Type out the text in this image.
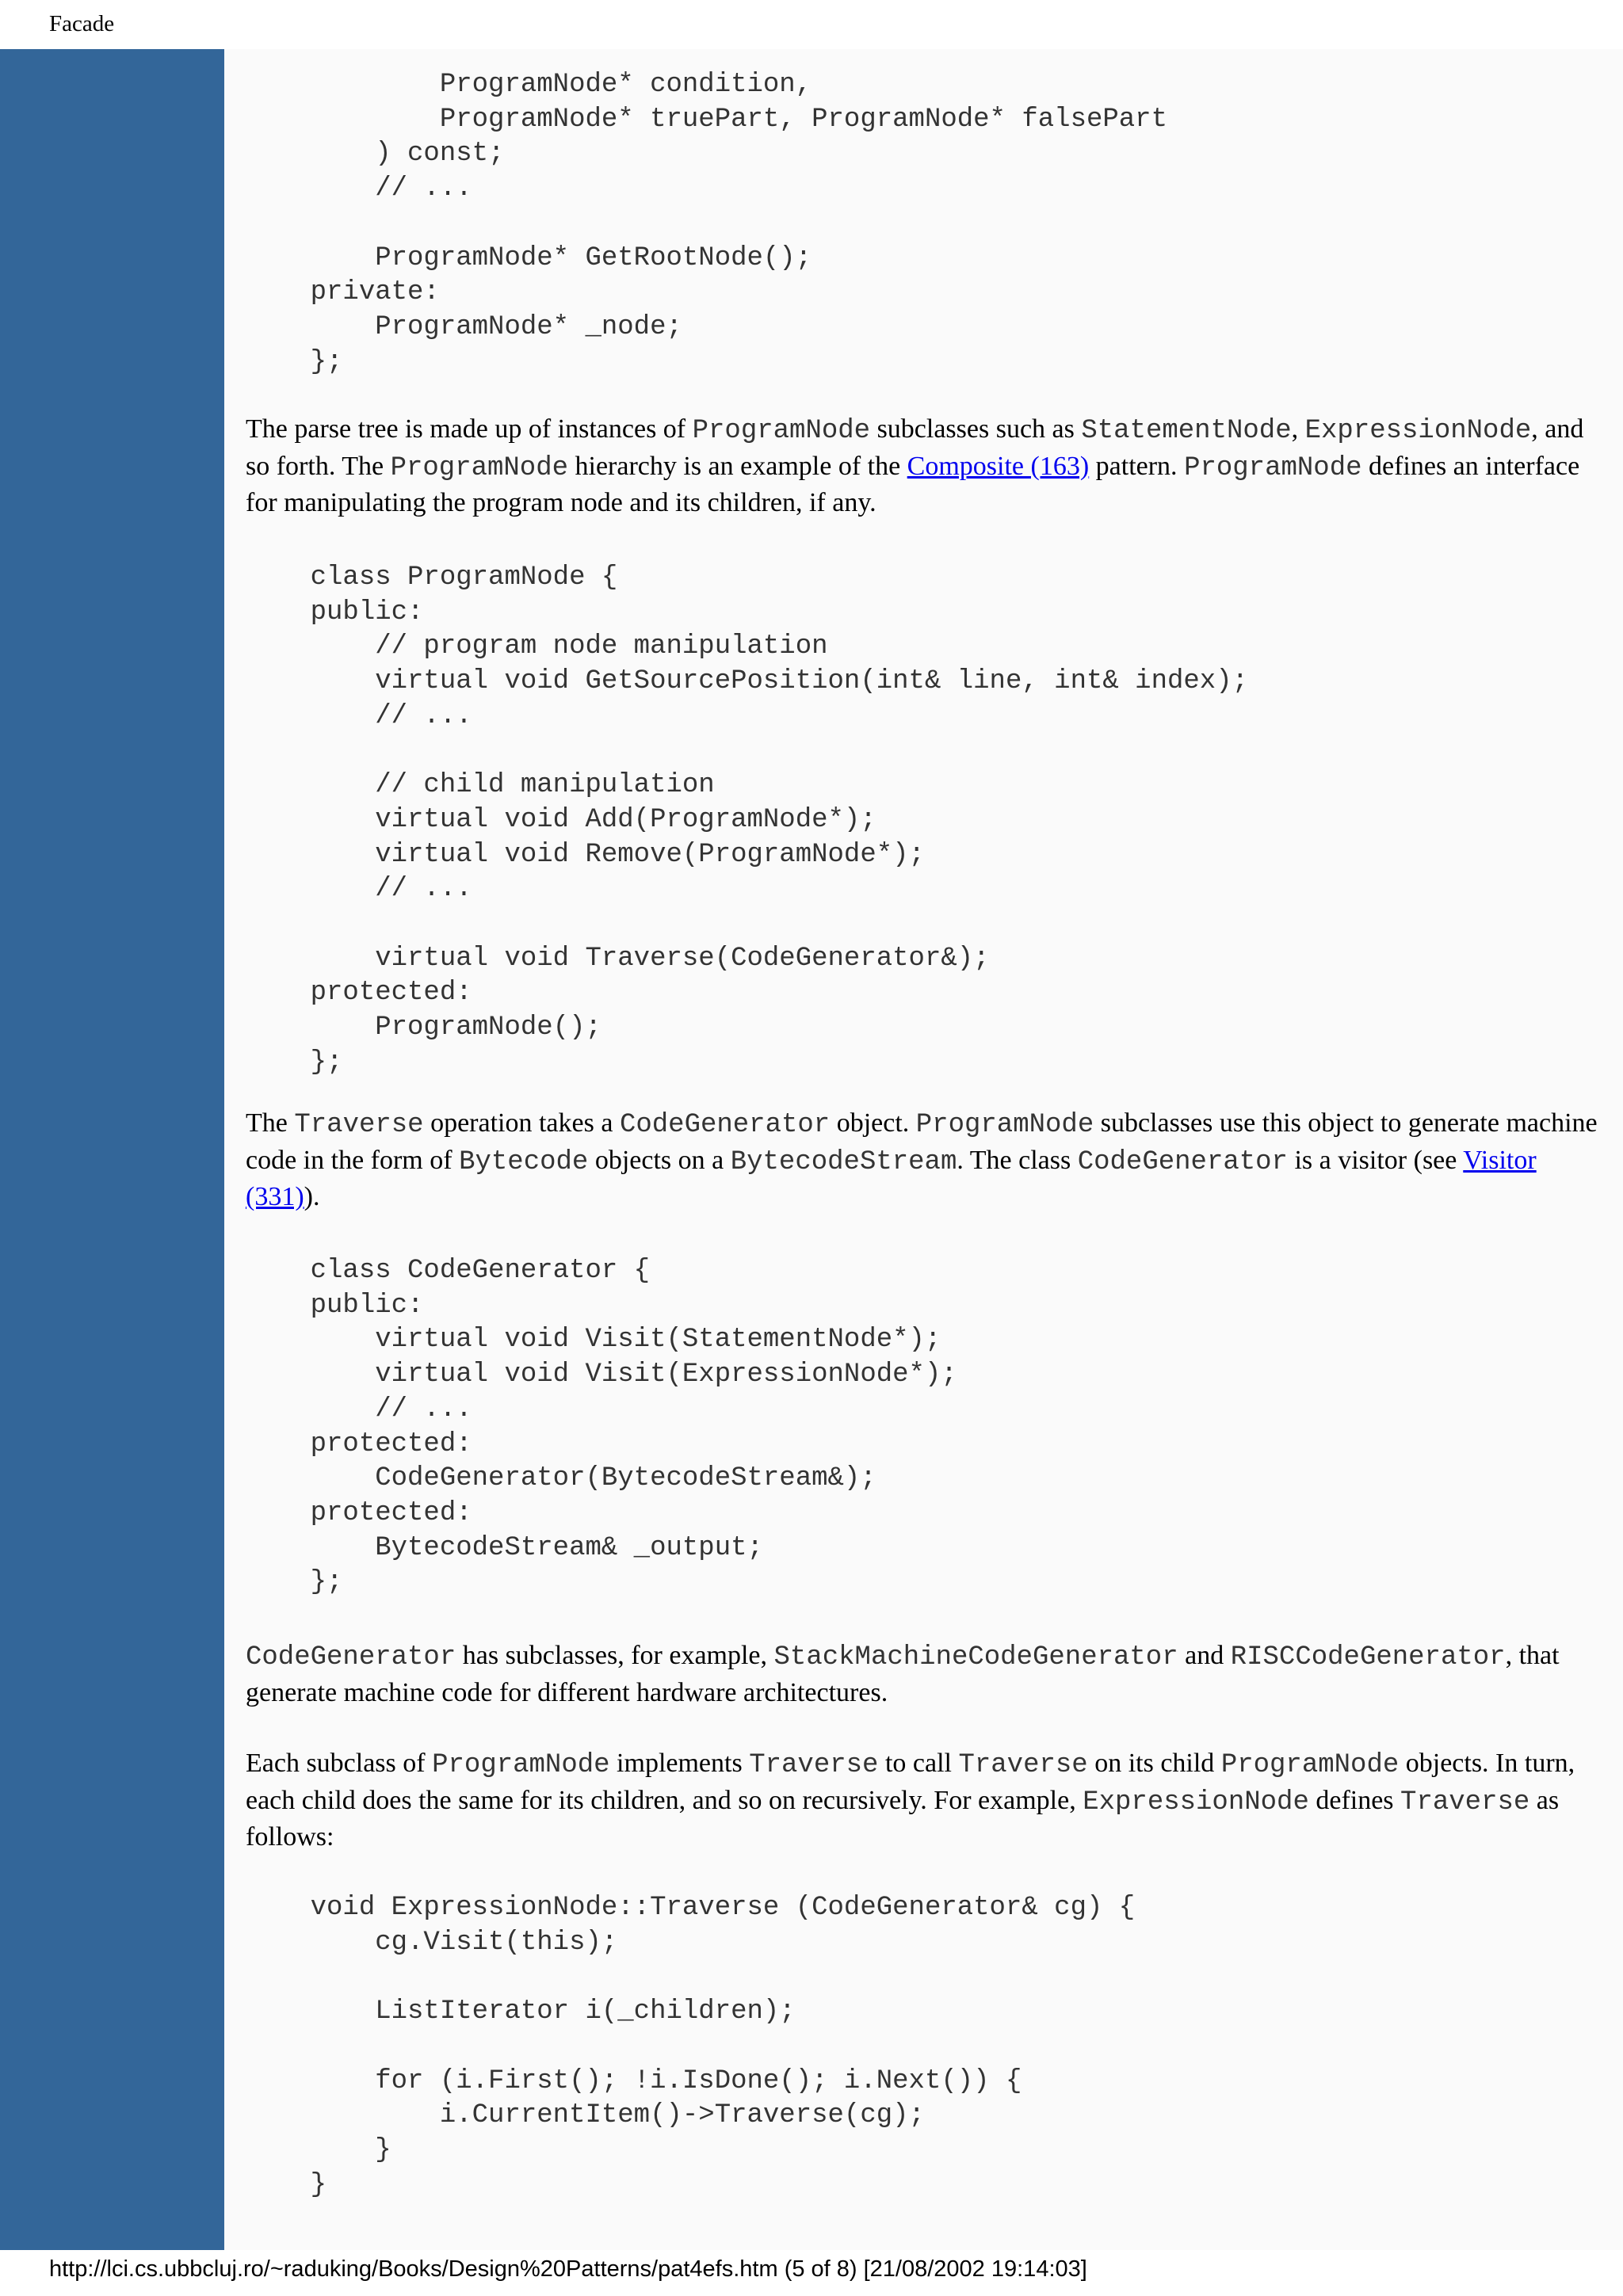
Facade
ProgramNode* condition,
ProgramNode* truePart, ProgramNode* falsePart
) const;
// ...

ProgramNode* GetRootNode();
private:
ProgramNode* _node;
};

The parse tree is made up of instances of ProgramNode subclasses such as StatementNode, ExpressionNode, and so forth. The ProgramNode hierarchy is an example of the Composite (163) pattern. ProgramNode defines an interface for manipulating the program node and its children, if any.

class ProgramNode {
public:
// program node manipulation
virtual void GetSourcePosition(int& line, int& index);
// ...

// child manipulation
virtual void Add(ProgramNode*);
virtual void Remove(ProgramNode*);
// ...

virtual void Traverse(CodeGenerator&);
protected:
ProgramNode();
};

The Traverse operation takes a CodeGenerator object. ProgramNode subclasses use this object to generate machine code in the form of Bytecode objects on a BytecodeStream. The class CodeGenerator is a visitor (see Visitor (331)).

class CodeGenerator {
public:
virtual void Visit(StatementNode*);
virtual void Visit(ExpressionNode*);
// ...
protected:
CodeGenerator(BytecodeStream&);
protected:
BytecodeStream& _output;
};

CodeGenerator has subclasses, for example, StackMachineCodeGenerator and RISCCodeGenerator, that generate machine code for different hardware architectures.

Each subclass of ProgramNode implements Traverse to call Traverse on its child ProgramNode objects. In turn, each child does the same for its children, and so on recursively. For example, ExpressionNode defines Traverse as follows:

void ExpressionNode::Traverse (CodeGenerator& cg) {
cg.Visit(this);

ListIterator i(_children);

for (i.First(); !i.IsDone(); i.Next()) {
i.CurrentItem()->Traverse(cg);
}
}
http://lci.cs.ubbcluj.ro/~raduking/Books/Design%20Patterns/pat4efs.htm (5 of 8) [21/08/2002 19:14:03]
